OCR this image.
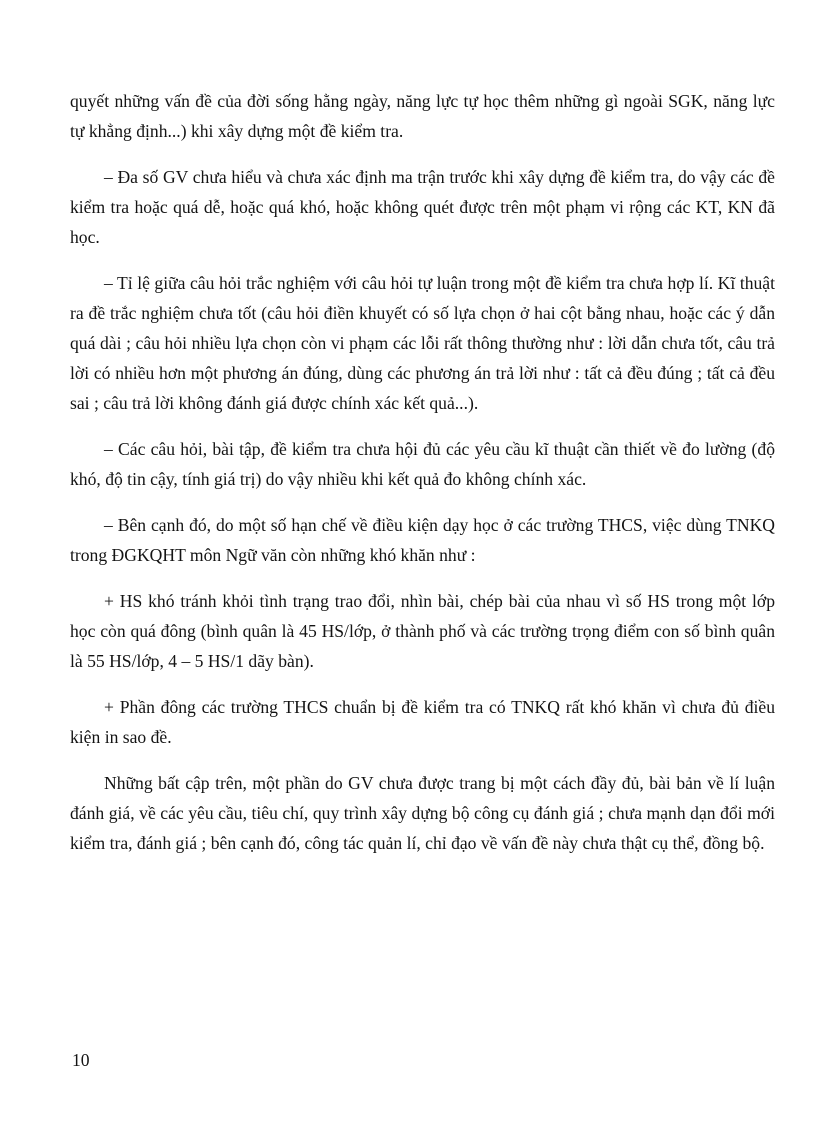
quyết những vấn đề của đời sống hằng ngày, năng lực tự học thêm những gì ngoài SGK, năng lực tự khẳng định...) khi xây dựng một đề kiểm tra.

– Đa số GV chưa hiểu và chưa xác định ma trận trước khi xây dựng đề kiểm tra, do vậy các đề kiểm tra hoặc quá dễ, hoặc quá khó, hoặc không quét được trên một phạm vi rộng các KT, KN đã học.

– Tỉ lệ giữa câu hỏi trắc nghiệm với câu hỏi tự luận trong một đề kiểm tra chưa hợp lí. Kĩ thuật ra đề trắc nghiệm chưa tốt (câu hỏi điền khuyết có số lựa chọn ở hai cột bằng nhau, hoặc các ý dẫn quá dài ; câu hỏi nhiều lựa chọn còn vi phạm các lỗi rất thông thường như : lời dẫn chưa tốt, câu trả lời có nhiều hơn một phương án đúng, dùng các phương án trả lời như : tất cả đều đúng ; tất cả đều sai ; câu trả lời không đánh giá được chính xác kết quả...).

– Các câu hỏi, bài tập, đề kiểm tra chưa hội đủ các yêu cầu kĩ thuật cần thiết về đo lường (độ khó, độ tin cậy, tính giá trị) do vậy nhiều khi kết quả đo không chính xác.

– Bên cạnh đó, do một số hạn chế về điều kiện dạy học ở các trường THCS, việc dùng TNKQ trong ĐGKQHT môn Ngữ văn còn những khó khăn như :

+ HS khó tránh khỏi tình trạng trao đổi, nhìn bài, chép bài của nhau vì số HS trong một lớp học còn quá đông (bình quân là 45 HS/lớp, ở thành phố và các trường trọng điểm con số bình quân là 55 HS/lớp, 4 – 5 HS/1 dãy bàn).

+ Phần đông các trường THCS chuẩn bị đề kiểm tra có TNKQ rất khó khăn vì chưa đủ điều kiện in sao đề.

Những bất cập trên, một phần do GV chưa được trang bị một cách đầy đủ, bài bản về lí luận đánh giá, về các yêu cầu, tiêu chí, quy trình xây dựng bộ công cụ đánh giá ; chưa mạnh dạn đổi mới kiểm tra, đánh giá ; bên cạnh đó, công tác quản lí, chỉ đạo về vấn đề này chưa thật cụ thể, đồng bộ.

10
